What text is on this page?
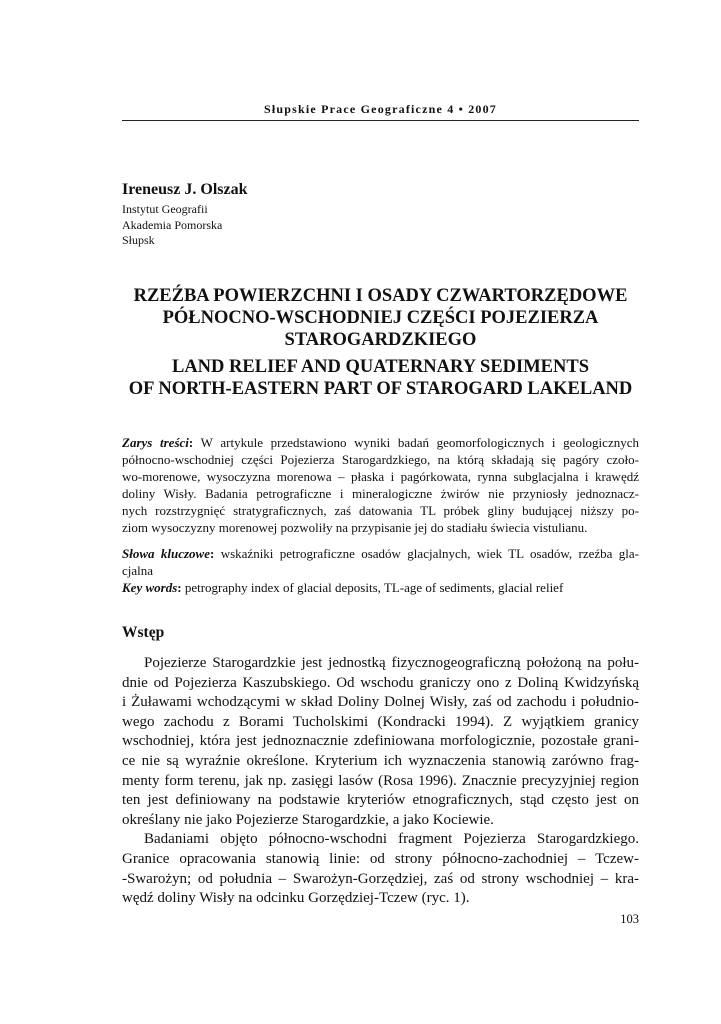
Słupskie Prace Geograficzne 4 • 2007
Ireneusz J. Olszak
Instytut Geografii
Akademia Pomorska
Słupsk
RZEŹBA POWIERZCHNI I OSADY CZWARTORZĘDOWE
PÓŁNOCNO-WSCHODNIEJ CZĘŚCI POJEZIERZA
STAROGARDZKIEGO
LAND RELIEF AND QUATERNARY SEDIMENTS
OF NORTH-EASTERN PART OF STAROGARD LAKELAND
Zarys treści: W artykule przedstawiono wyniki badań geomorfologicznych i geologicznych
północno-wschodniej części Pojezierza Starogardzkiego, na którą składają się pagóry czoło-
wo-morenowe, wysoczyzna morenowa – płaska i pagórkowata, rynna subglacjalna i krawędź
doliny Wisły. Badania petrograficzne i mineralogiczne żwirów nie przyniosły jednoznacz-
nych rozstrzygnięć stratygraficznych, zaś datowania TL próbek gliny budującej niższy po-
ziom wysoczyzny morenowej pozwoliły na przypisanie jej do stadiału świecia vistulianu.
Słowa kluczowe: wskaźniki petrograficzne osadów glacjalnych, wiek TL osadów, rzeźba gla-
cjalna
Key words: petrography index of glacial deposits, TL-age of sediments, glacial relief
Wstęp
Pojezierze Starogardzkie jest jednostką fizycznogeograficzną położoną na połu-
dnie od Pojezierza Kaszubskiego. Od wschodu graniczy ono z Doliną Kwidzyńską
i Żuławami wchodzącymi w skład Doliny Dolnej Wisły, zaś od zachodu i południo-
wego zachodu z Borami Tucholskimi (Kondracki 1994). Z wyjątkiem granicy
wschodniej, która jest jednoznacznie zdefiniowana morfologicznie, pozostałe grani-
ce nie są wyraźnie określone. Kryterium ich wyznaczenia stanowią zarówno frag-
menty form terenu, jak np. zasięgi lasów (Rosa 1996). Znacznie precyzyjniej region
ten jest definiowany na podstawie kryteriów etnograficznych, stąd często jest on
określany nie jako Pojezierze Starogardzkie, a jako Kociewie.
Badaniami objęto północno-wschodni fragment Pojezierza Starogardzkiego.
Granice opracowania stanowią linie: od strony północno-zachodniej – Tczew-
-Swarożyn; od południa – Swarożyn-Gorzędziej, zaś od strony wschodniej – kra-
wędź doliny Wisły na odcinku Gorzędziej-Tczew (ryc. 1).
103
